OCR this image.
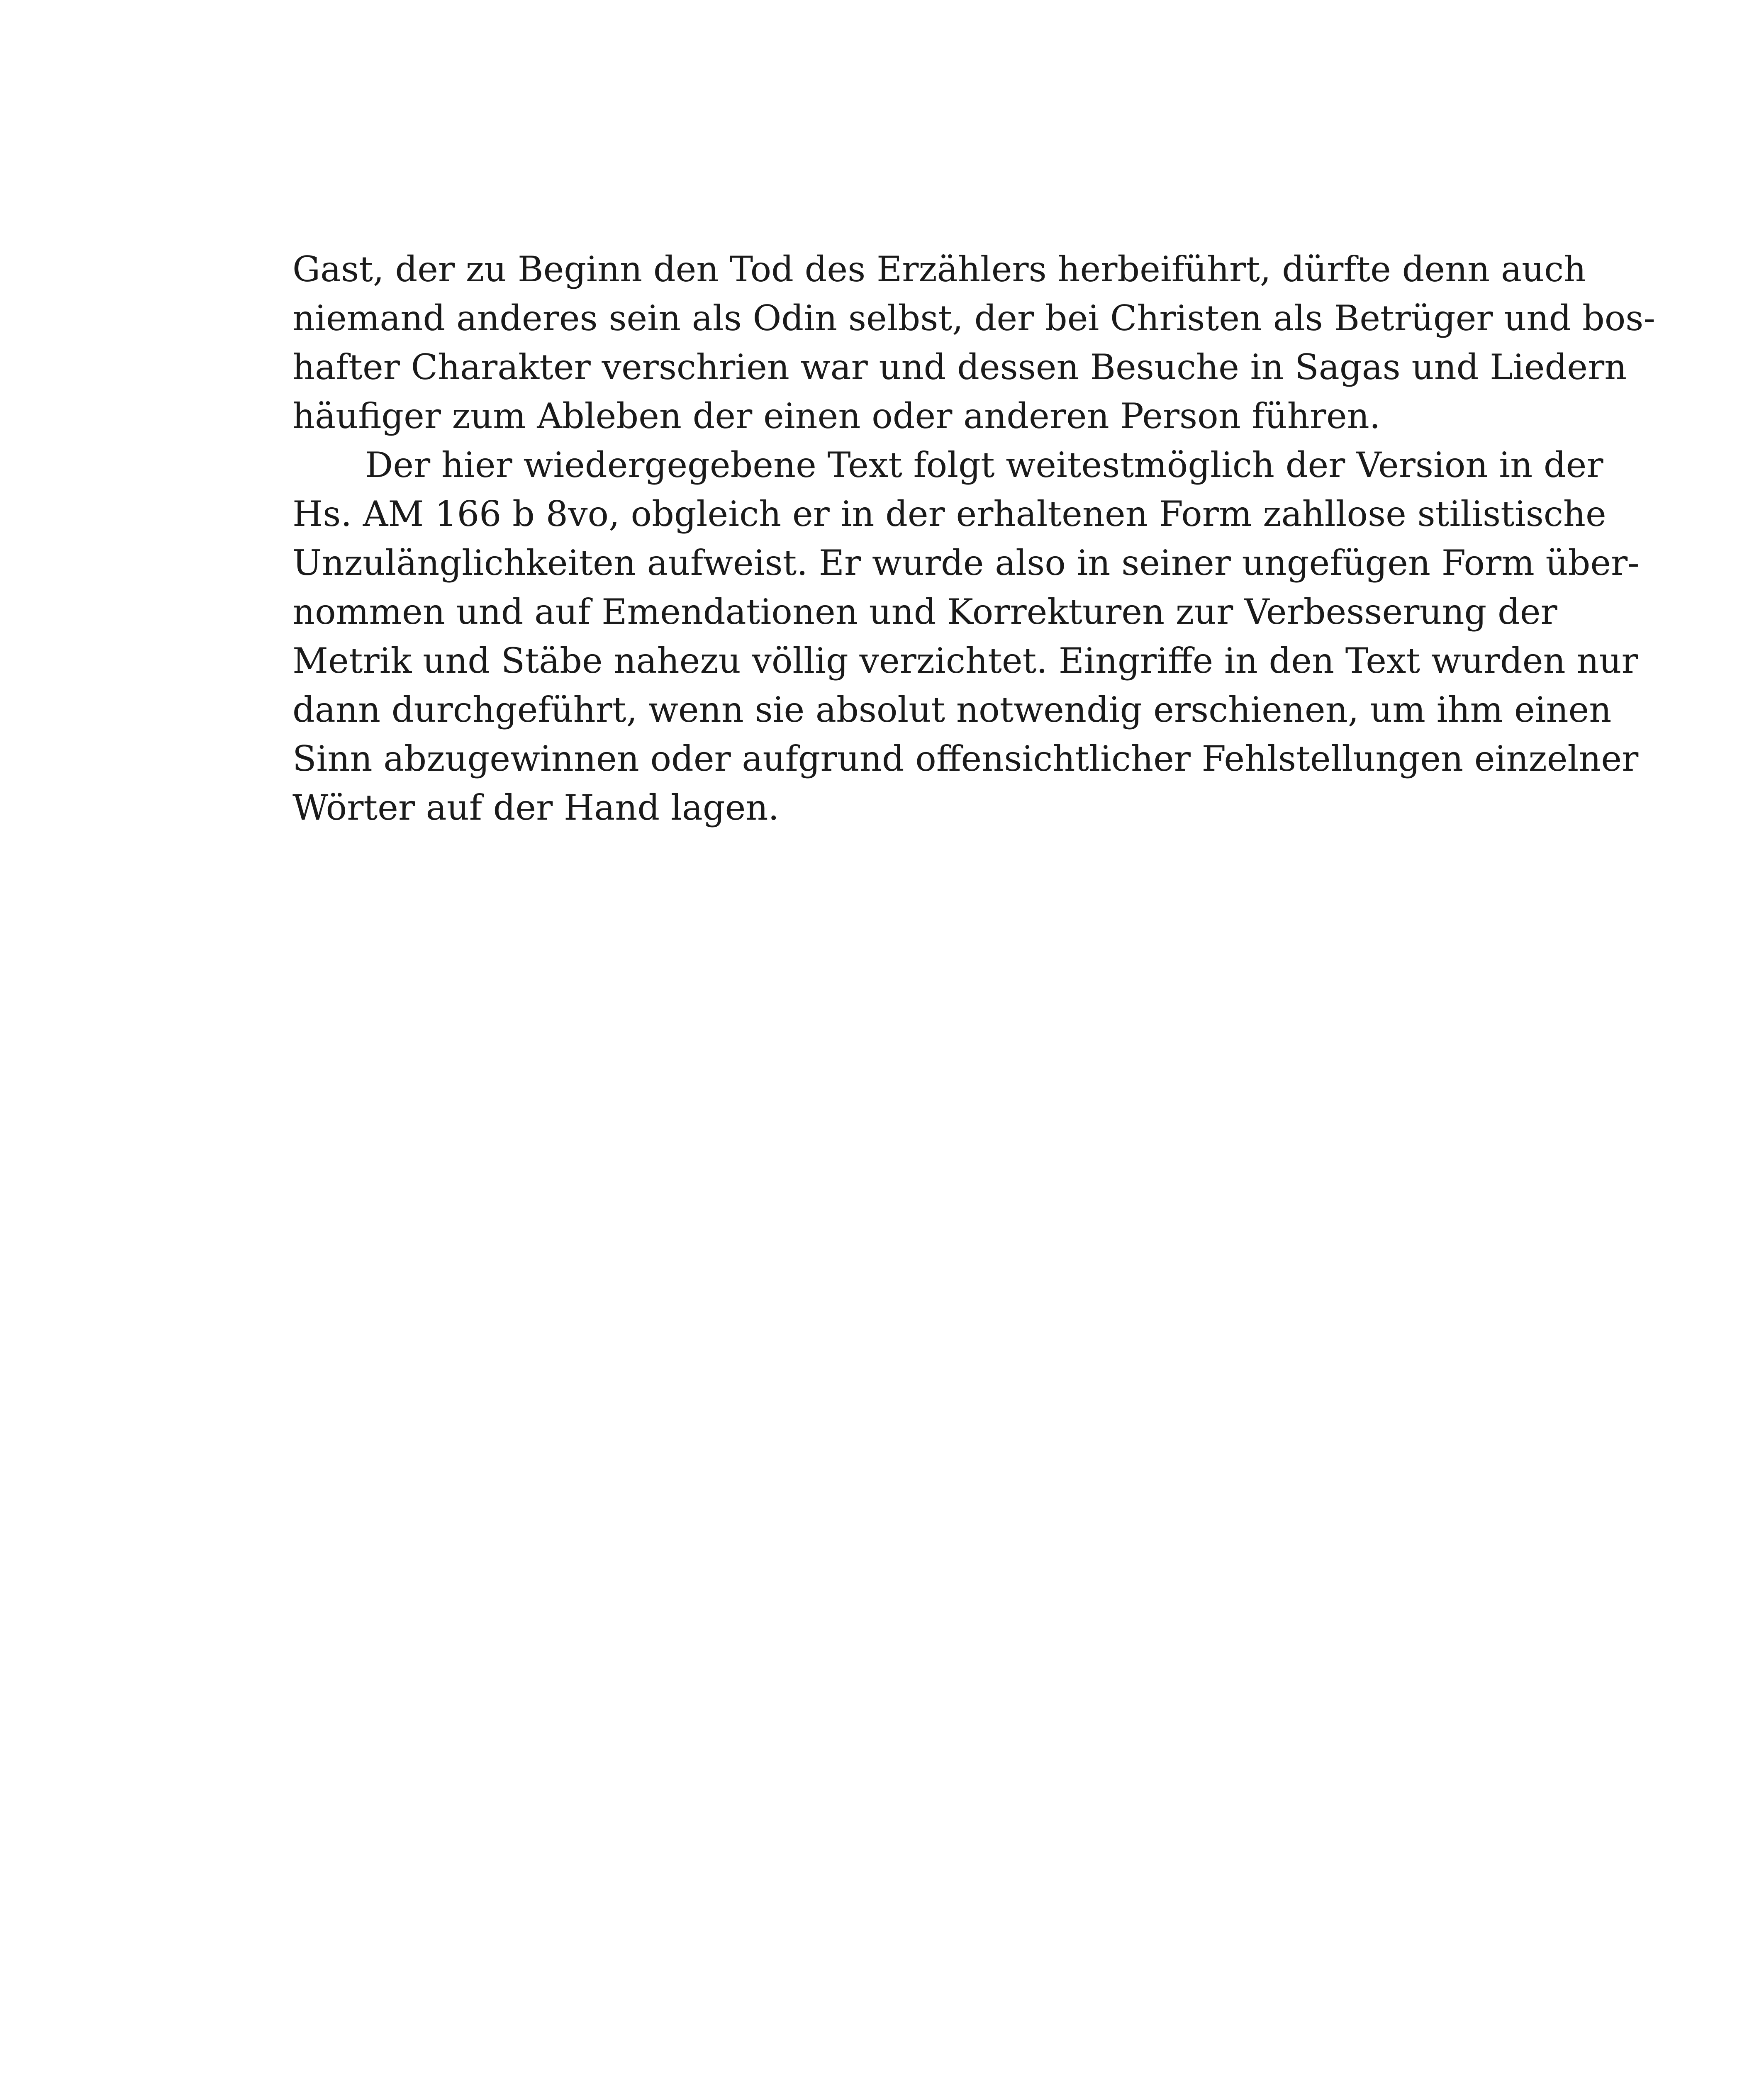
Gast, der zu Beginn den Tod des Erzählers herbeiführt, dürfte denn auch
niemand anderes sein als Odin selbst, der bei Christen als Betrüger und bos-
hafter Charakter verschrien war und dessen Besuche in Sagas und Liedern
häufiger zum Ableben der einen oder anderen Person führen.
Der hier wiedergegebene Text folgt weitestmöglich der Version in der
Hs. AM 166 b 8vo, obgleich er in der erhaltenen Form zahllose stilistische
Unzulänglichkeiten aufweist. Er wurde also in seiner ungefügen Form über-
nommen und auf Emendationen und Korrekturen zur Verbesserung der
Metrik und Stäbe nahezu völlig verzichtet. Eingriffe in den Text wurden nur
dann durchgeführt, wenn sie absolut notwendig erschienen, um ihm einen
Sinn abzugewinnen oder aufgrund offensichtlicher Fehlstellungen einzelner
Wörter auf der Hand lagen.
